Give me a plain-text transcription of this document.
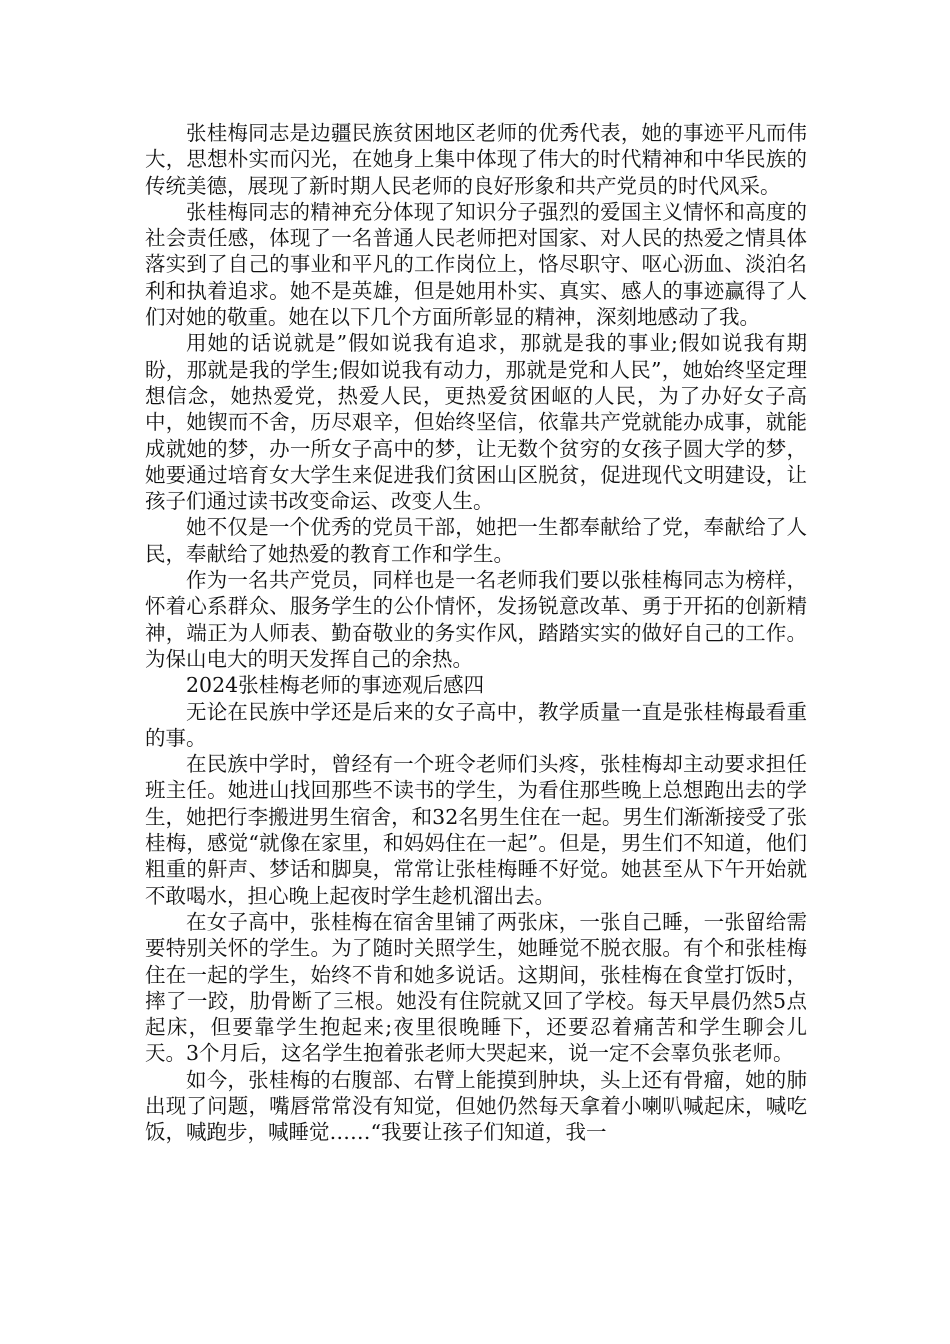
张桂梅同志是边疆民族贫困地区老师的优秀代表，她的事迹平凡而伟大，思想朴实而闪光，在她身上集中体现了伟大的时代精神和中华民族的传统美德，展现了新时期人民老师的良好形象和共产党员的时代风采。

张桂梅同志的精神充分体现了知识分子强烈的爱国主义情怀和高度的社会责任感，体现了一名普通人民老师把对国家、对人民的热爱之情具体落实到了自己的事业和平凡的工作岗位上，恪尽职守、呕心沥血、淡泊名利和执着追求。她不是英雄，但是她用朴实、真实、感人的事迹赢得了人们对她的敬重。她在以下几个方面所彰显的精神，深刻地感动了我。

用她的话说就是”假如说我有追求，那就是我的事业;假如说我有期盼，那就是我的学生;假如说我有动力，那就是党和人民”，她始终坚定理想信念，她热爱党，热爱人民，更热爱贫困岖的人民，为了办好女子高中，她锲而不舍，历尽艰辛，但始终坚信，依靠共产党就能办成事，就能成就她的梦，办一所女子高中的梦，让无数个贫穷的女孩子圆大学的梦，她要通过培育女大学生来促进我们贫困山区脱贫，促进现代文明建设，让孩子们通过读书改变命运、改变人生。

她不仅是一个优秀的党员干部，她把一生都奉献给了党，奉献给了人民，奉献给了她热爱的教育工作和学生。

作为一名共产党员，同样也是一名老师我们要以张桂梅同志为榜样，怀着心系群众、服务学生的公仆情怀，发扬锐意改革、勇于开拓的创新精神，端正为人师表、勤奋敬业的务实作风，踏踏实实的做好自己的工作。为保山电大的明天发挥自己的余热。

2024张桂梅老师的事迹观后感四

无论在民族中学还是后来的女子高中，教学质量一直是张桂梅最看重的事。

在民族中学时，曾经有一个班令老师们头疼，张桂梅却主动要求担任班主任。她进山找回那些不读书的学生，为看住那些晚上总想跑出去的学生，她把行李搬进男生宿舍，和32名男生住在一起。男生们渐渐接受了张桂梅，感觉“就像在家里，和妈妈住在一起”。但是，男生们不知道，他们粗重的鼾声、梦话和脚臭，常常让张桂梅睡不好觉。她甚至从下午开始就不敢喝水，担心晚上起夜时学生趁机溜出去。

在女子高中，张桂梅在宿舍里铺了两张床，一张自己睡，一张留给需要特别关怀的学生。为了随时关照学生，她睡觉不脱衣服。有个和张桂梅住在一起的学生，始终不肯和她多说话。这期间，张桂梅在食堂打饭时，摔了一跤，肋骨断了三根。她没有住院就又回了学校。每天早晨仍然5点起床，但要靠学生抱起来;夜里很晚睡下，还要忍着痛苦和学生聊会儿天。3个月后，这名学生抱着张老师大哭起来，说一定不会辜负张老师。

如今，张桂梅的右腹部、右臂上能摸到肿块，头上还有骨瘤，她的肺出现了问题，嘴唇常常没有知觉，但她仍然每天拿着小喇叭喊起床，喊吃饭，喊跑步，喊睡觉……“我要让孩子们知道，我一
